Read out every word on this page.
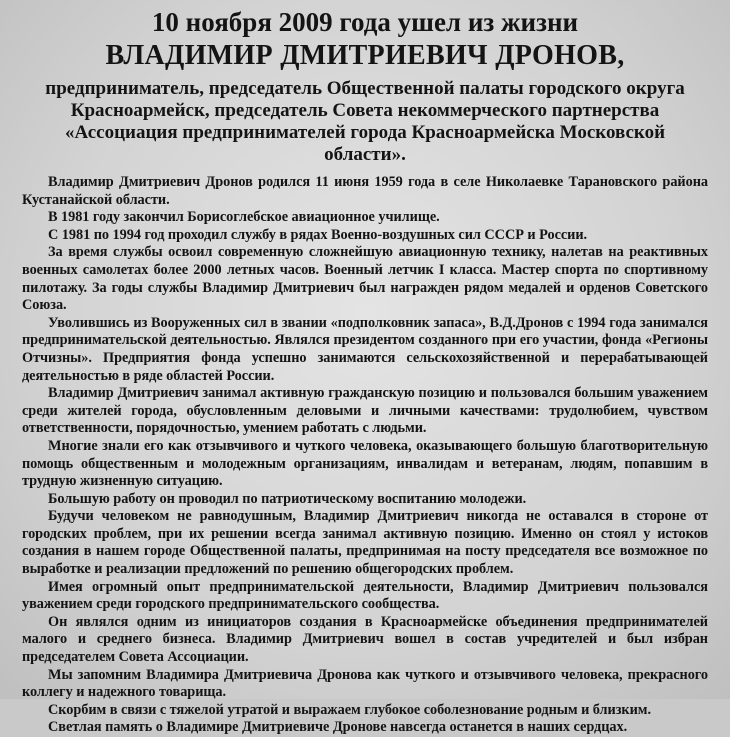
10 ноября 2009 года ушел из жизни
ВЛАДИМИР ДМИТРИЕВИЧ ДРОНОВ,
предприниматель, председатель Общественной палаты городского округа Красноармейск, председатель Совета некоммерческого партнерства «Ассоциация предпринимателей города Красноармейска Московской области».

Владимир Дмитриевич Дронов родился 11 июня 1959 года в селе Николаевке Тарановского района Кустанайской области.

В 1981 году закончил Борисоглебское авиационное училище.

С 1981 по 1994 год проходил службу в рядах Военно-воздушных сил СССР и России.

За время службы освоил современную сложнейшую авиационную технику, налетав на реактивных военных самолетах более 2000 летных часов. Военный летчик I класса. Мастер спорта по спортивному пилотажу. За годы службы Владимир Дмитриевич был награжден рядом медалей и орденов Советского Союза.

Уволившись из Вооруженных сил в звании «подполковник запаса», В.Д.Дронов с 1994 года занимался предпринимательской деятельностью. Являлся президентом созданного при его участии, фонда «Регионы Отчизны». Предприятия фонда успешно занимаются сельскохозяйственной и перерабатывающей деятельностью в ряде областей России.

Владимир Дмитриевич занимал активную гражданскую позицию и пользовался большим уважением среди жителей города, обусловленным деловыми и личными качествами: трудолюбием, чувством ответственности, порядочностью, умением работать с людьми.

Многие знали его как отзывчивого и чуткого человека, оказывающего большую благотворительную помощь общественным и молодежным организациям, инвалидам и ветеранам, людям, попавшим в трудную жизненную ситуацию.

Большую работу он проводил по патриотическому воспитанию молодежи.

Будучи человеком не равнодушным, Владимир Дмитриевич никогда не оставался в стороне от городских проблем, при их решении всегда занимал активную позицию. Именно он стоял у истоков создания в нашем городе Общественной палаты, предпринимая на посту председателя все возможное по выработке и реализации предложений по решению общегородских проблем.

Имея огромный опыт предпринимательской деятельности, Владимир Дмитриевич пользовался уважением среди городского предпринимательского сообщества.

Он являлся одним из инициаторов создания в Красноармейске объединения предпринимателей малого и среднего бизнеса. Владимир Дмитриевич вошел в состав учредителей и был избран председателем Совета Ассоциации.

Мы запомним Владимира Дмитриевича Дронова как чуткого и отзывчивого человека, прекрасного коллегу и надежного товарища.

Скорбим в связи с тяжелой утратой и выражаем глубокое соболезнование родным и близким.

Светлая память о Владимире Дмитриевиче Дронове навсегда останется в наших сердцах.
